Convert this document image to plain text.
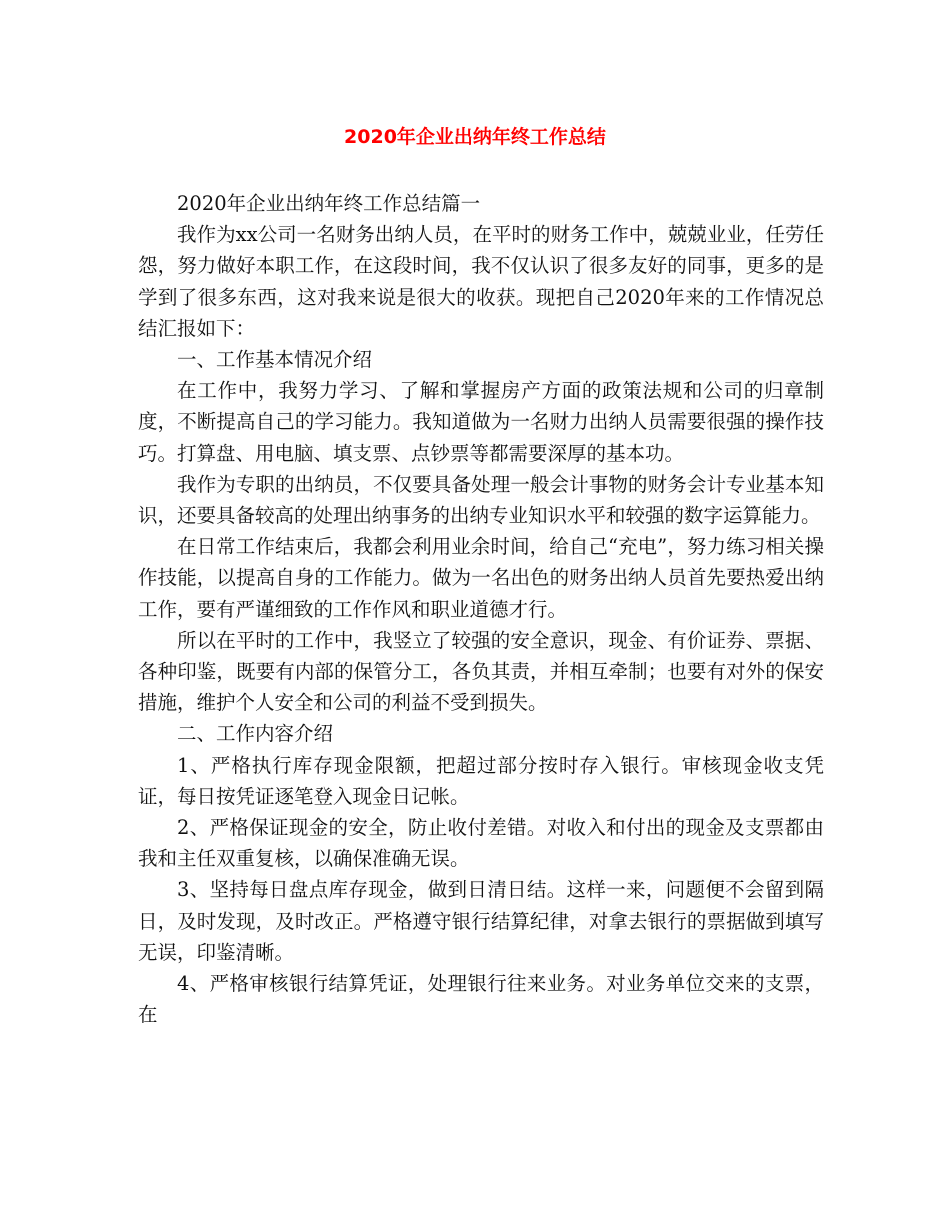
2020年企业出纳年终工作总结

2020年企业出纳年终工作总结篇一

我作为xx公司一名财务出纳人员，在平时的财务工作中，兢兢业业，任劳任怨，努力做好本职工作，在这段时间，我不仅认识了很多友好的同事，更多的是学到了很多东西，这对我来说是很大的收获。现把自己2020年来的工作情况总结汇报如下：

一、工作基本情况介绍

在工作中，我努力学习、了解和掌握房产方面的政策法规和公司的归章制度，不断提高自己的学习能力。我知道做为一名财力出纳人员需要很强的操作技巧。打算盘、用电脑、填支票、点钞票等都需要深厚的基本功。

我作为专职的出纳员，不仅要具备处理一般会计事物的财务会计专业基本知识，还要具备较高的处理出纳事务的出纳专业知识水平和较强的数字运算能力。

在日常工作结束后，我都会利用业余时间，给自己“充电”，努力练习相关操作技能，以提高自身的工作能力。做为一名出色的财务出纳人员首先要热爱出纳工作，要有严谨细致的工作作风和职业道德才行。

所以在平时的工作中，我竖立了较强的安全意识，现金、有价证券、票据、各种印鉴，既要有内部的保管分工，各负其责，并相互牵制；也要有对外的保安措施，维护个人安全和公司的利益不受到损失。

二、工作内容介绍

1、严格执行库存现金限额，把超过部分按时存入银行。审核现金收支凭证，每日按凭证逐笔登入现金日记帐。

2、严格保证现金的安全，防止收付差错。对收入和付出的现金及支票都由我和主任双重复核，以确保准确无误。

3、坚持每日盘点库存现金，做到日清日结。这样一来，问题便不会留到隔日，及时发现，及时改正。严格遵守银行结算纪律，对拿去银行的票据做到填写无误，印鉴清晰。

4、严格审核银行结算凭证，处理银行往来业务。对业务单位交来的支票，在
